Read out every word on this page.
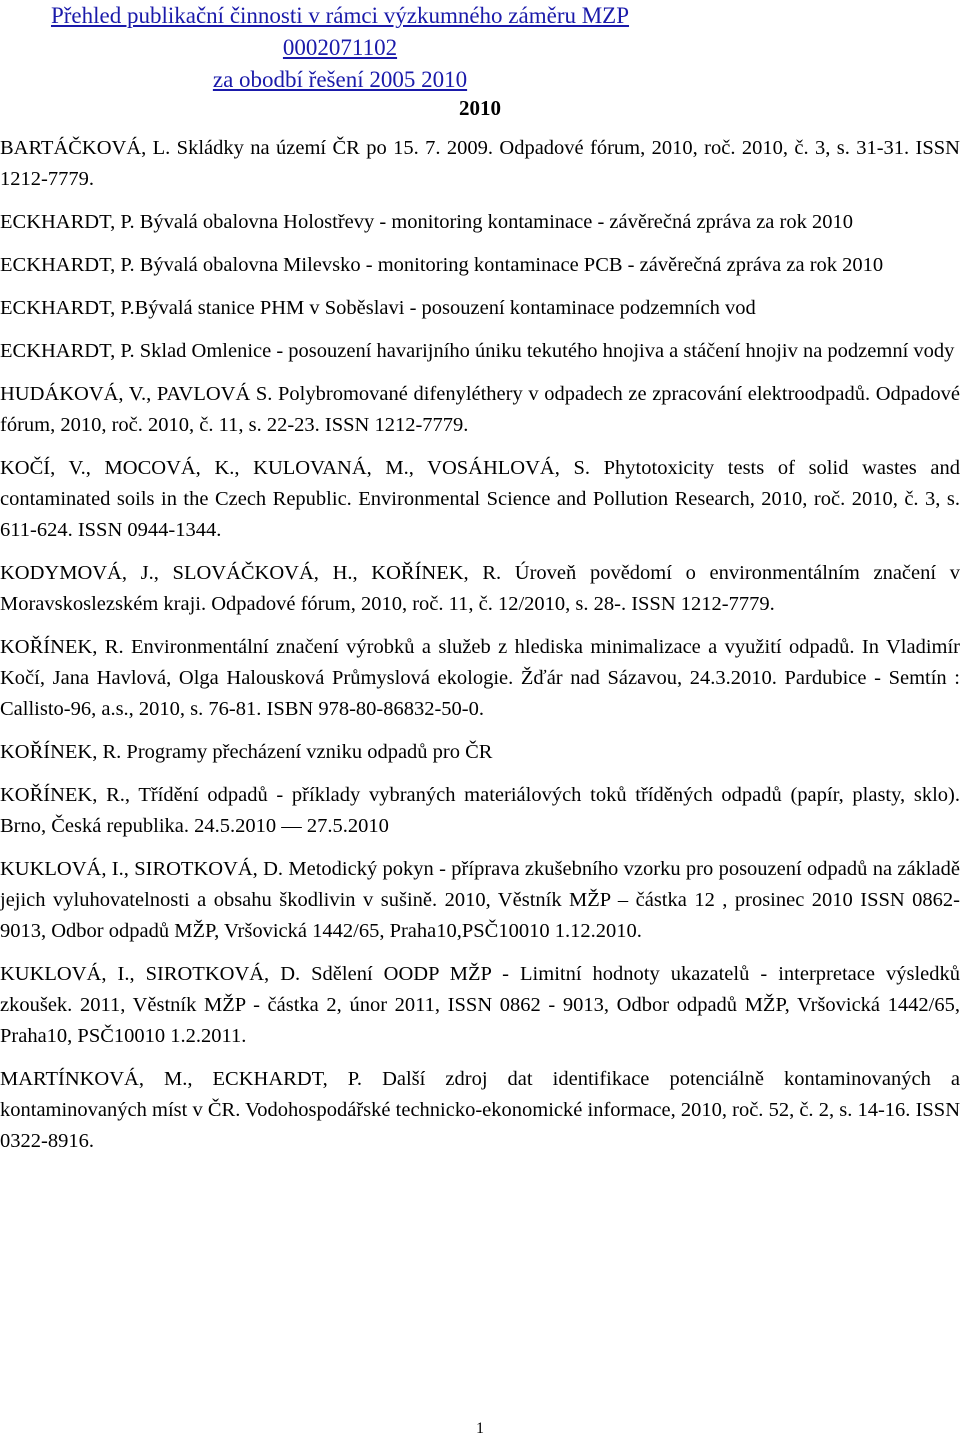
Přehled publikační činnosti v rámci výzkumného záměru MZP 0002071102
za obodbí řešení 2005 2010
2010

BARTÁČKOVÁ, L. Skládky na území ČR po 15. 7. 2009. Odpadové fórum, 2010, roč. 2010, č. 3, s. 31-31. ISSN 1212-7779.

ECKHARDT, P. Bývalá obalovna Holostřevy - monitoring kontaminace - závěrečná zpráva za rok 2010

ECKHARDT, P. Bývalá obalovna Milevsko - monitoring kontaminace PCB - závěrečná zpráva za rok 2010

ECKHARDT, P.Bývalá stanice PHM v Soběslavi - posouzení kontaminace podzemních vod

ECKHARDT, P. Sklad Omlenice - posouzení havarijního úniku tekutého hnojiva a stáčení hnojiv na podzemní vody

HUDÁKOVÁ, V., PAVLOVÁ S. Polybromované difenyléthery v odpadech ze zpracování elektroodpadů. Odpadové fórum, 2010, roč. 2010, č. 11, s. 22-23. ISSN 1212-7779.

KOČÍ, V., MOCOVÁ, K., KULOVANÁ, M., VOSÁHLOVÁ, S. Phytotoxicity tests of solid wastes and contaminated soils in the Czech Republic. Environmental Science and Pollution Research, 2010, roč. 2010, č. 3, s. 611-624. ISSN 0944-1344.

KODYMOVÁ, J., SLOVÁČKOVÁ, H., KOŘÍNEK, R. Úroveň povědomí o environmentálním značení v Moravskoslezském kraji. Odpadové fórum, 2010, roč. 11, č. 12/2010, s. 28-. ISSN 1212-7779.

KOŘÍNEK, R. Environmentální značení výrobků a služeb z hlediska minimalizace a využití odpadů. In Vladimír Kočí, Jana Havlová, Olga Halousková Průmyslová ekologie. Žďár nad Sázavou, 24.3.2010. Pardubice - Semtín : Callisto-96, a.s., 2010, s. 76-81. ISBN 978-80-86832-50-0.

KOŘÍNEK, R. Programy přecházení vzniku odpadů pro ČR

KOŘÍNEK, R., Třídění odpadů - příklady vybraných materiálových toků tříděných odpadů (papír, plasty, sklo). Brno, Česká republika. 24.5.2010 — 27.5.2010

KUKLOVÁ, I., SIROTKOVÁ, D. Metodický pokyn - příprava zkušebního vzorku pro posouzení odpadů na základě jejich vyluhovatelnosti a obsahu škodlivin v sušině. 2010, Věstník MŽP – částka 12 , prosinec 2010 ISSN 0862-9013, Odbor odpadů MŽP, Vršovická 1442/65, Praha10,PSČ10010 1.12.2010.

KUKLOVÁ, I., SIROTKOVÁ, D. Sdělení OODP MŽP - Limitní hodnoty ukazatelů - interpretace výsledků zkoušek. 2011, Věstník MŽP - částka 2, únor 2011, ISSN 0862 - 9013, Odbor odpadů MŽP, Vršovická 1442/65, Praha10, PSČ10010 1.2.2011.

MARTÍNKOVÁ, M., ECKHARDT, P. Další zdroj dat identifikace potenciálně kontaminovaných a kontaminovaných míst v ČR. Vodohospodářské technicko-ekonomické informace, 2010, roč. 52, č. 2, s. 14-16. ISSN 0322-8916.

1
